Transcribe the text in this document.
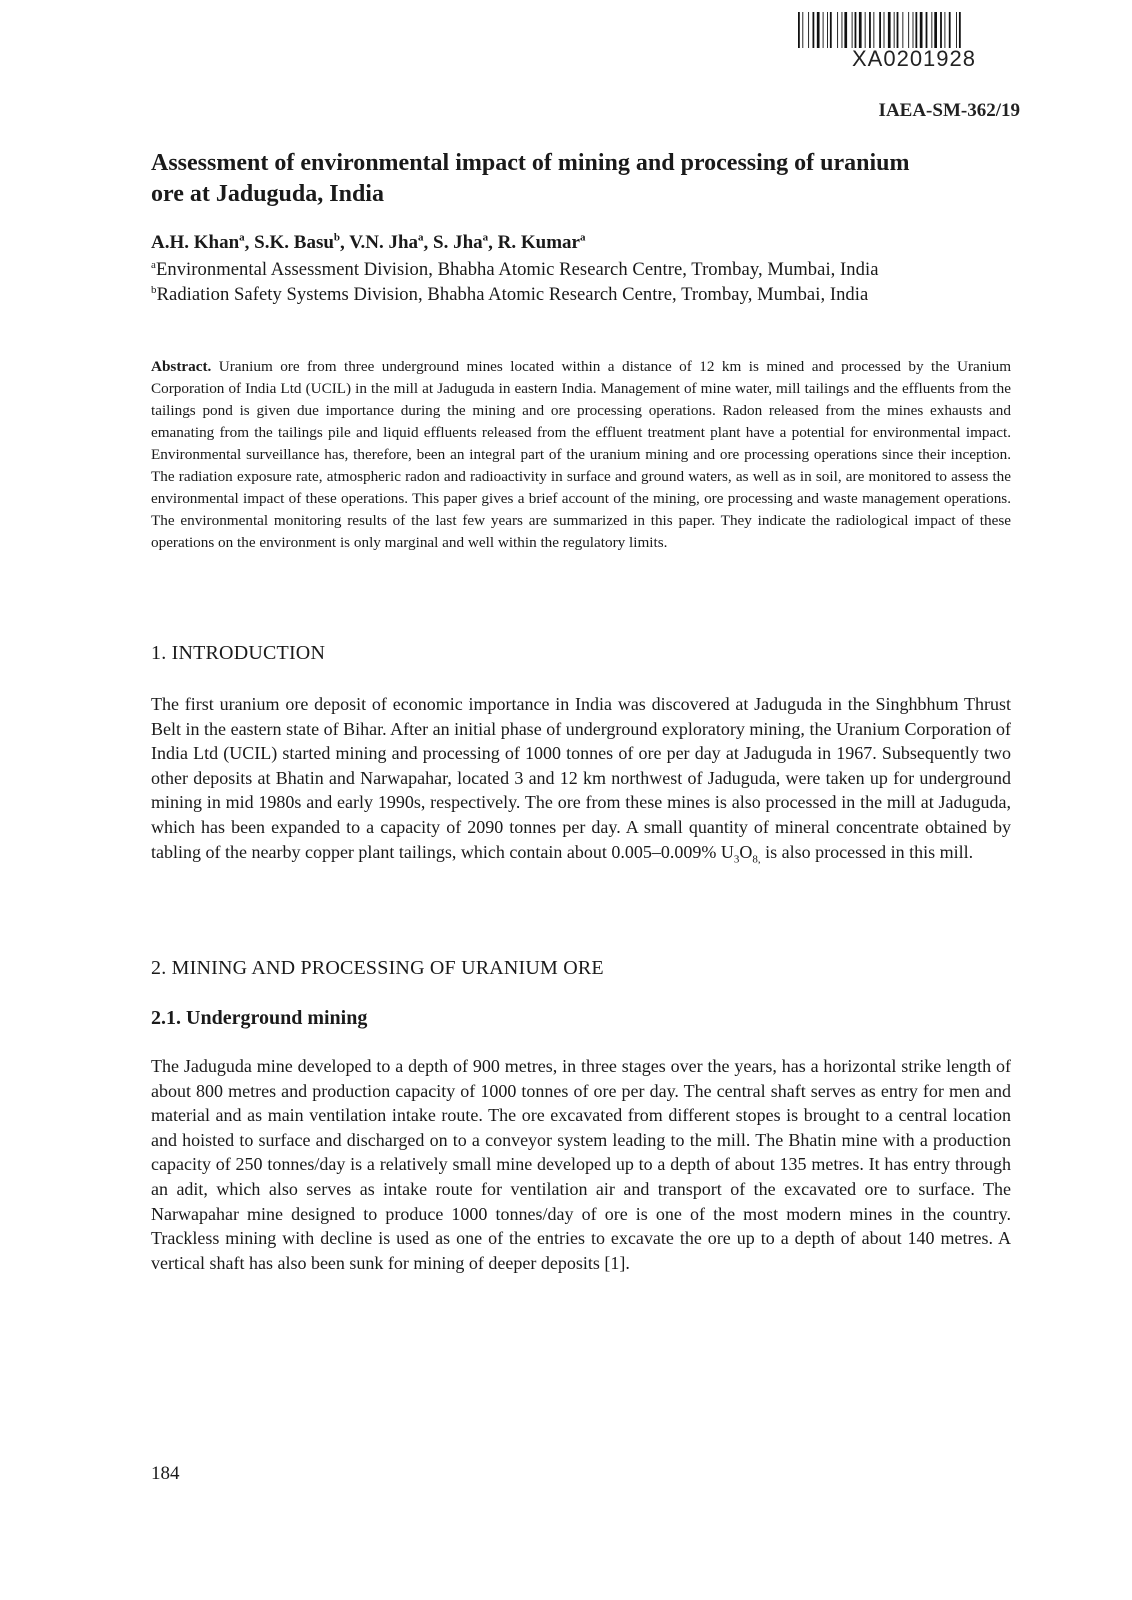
XA0201928
IAEA-SM-362/19
Assessment of environmental impact of mining and processing of uranium ore at Jaduguda, India
A.H. Khan$^a$, S.K. Basu$^b$, V.N. Jha$^a$, S. Jha$^a$, R. Kumar$^a$
$^a$Environmental Assessment Division, Bhabha Atomic Research Centre, Trombay, Mumbai, India
$^b$Radiation Safety Systems Division, Bhabha Atomic Research Centre, Trombay, Mumbai, India

Abstract. Uranium ore from three underground mines located within a distance of 12 km is mined and processed by the Uranium Corporation of India Ltd (UCIL) in the mill at Jaduguda in eastern India. Management of mine water, mill tailings and the effluents from the tailings pond is given due importance during the mining and ore processing operations. Radon released from the mines exhausts and emanating from the tailings pile and liquid effluents released from the effluent treatment plant have a potential for environmental impact. Environmental surveillance has, therefore, been an integral part of the uranium mining and ore processing operations since their inception. The radiation exposure rate, atmospheric radon and radioactivity in surface and ground waters, as well as in soil, are monitored to assess the environmental impact of these operations. This paper gives a brief account of the mining, ore processing and waste management operations. The environmental monitoring results of the last few years are summarized in this paper. They indicate the radiological impact of these operations on the environment is only marginal and well within the regulatory limits.

1. INTRODUCTION

The first uranium ore deposit of economic importance in India was discovered at Jaduguda in the Singhbhum Thrust Belt in the eastern state of Bihar. After an initial phase of underground exploratory mining, the Uranium Corporation of India Ltd (UCIL) started mining and processing of 1000 tonnes of ore per day at Jaduguda in 1967. Subsequently two other deposits at Bhatin and Narwapahar, located 3 and 12 km northwest of Jaduguda, were taken up for underground mining in mid 1980s and early 1990s, respectively. The ore from these mines is also processed in the mill at Jaduguda, which has been expanded to a capacity of 2090 tonnes per day. A small quantity of mineral concentrate obtained by tabling of the nearby copper plant tailings, which contain about 0.005–0.009% $U_3O_{8,}$ is also processed in this mill.

2. MINING AND PROCESSING OF URANIUM ORE
2.1. Underground mining

The Jaduguda mine developed to a depth of 900 metres, in three stages over the years, has a horizontal strike length of about 800 metres and production capacity of 1000 tonnes of ore per day. The central shaft serves as entry for men and material and as main ventilation intake route. The ore excavated from different stopes is brought to a central location and hoisted to surface and discharged on to a conveyor system leading to the mill. The Bhatin mine with a production capacity of 250 tonnes/day is a relatively small mine developed up to a depth of about 135 metres. It has entry through an adit, which also serves as intake route for ventilation air and transport of the excavated ore to surface. The Narwapahar mine designed to produce 1000 tonnes/day of ore is one of the most modern mines in the country. Trackless mining with decline is used as one of the entries to excavate the ore up to a depth of about 140 metres. A vertical shaft has also been sunk for mining of deeper deposits [1].

184
